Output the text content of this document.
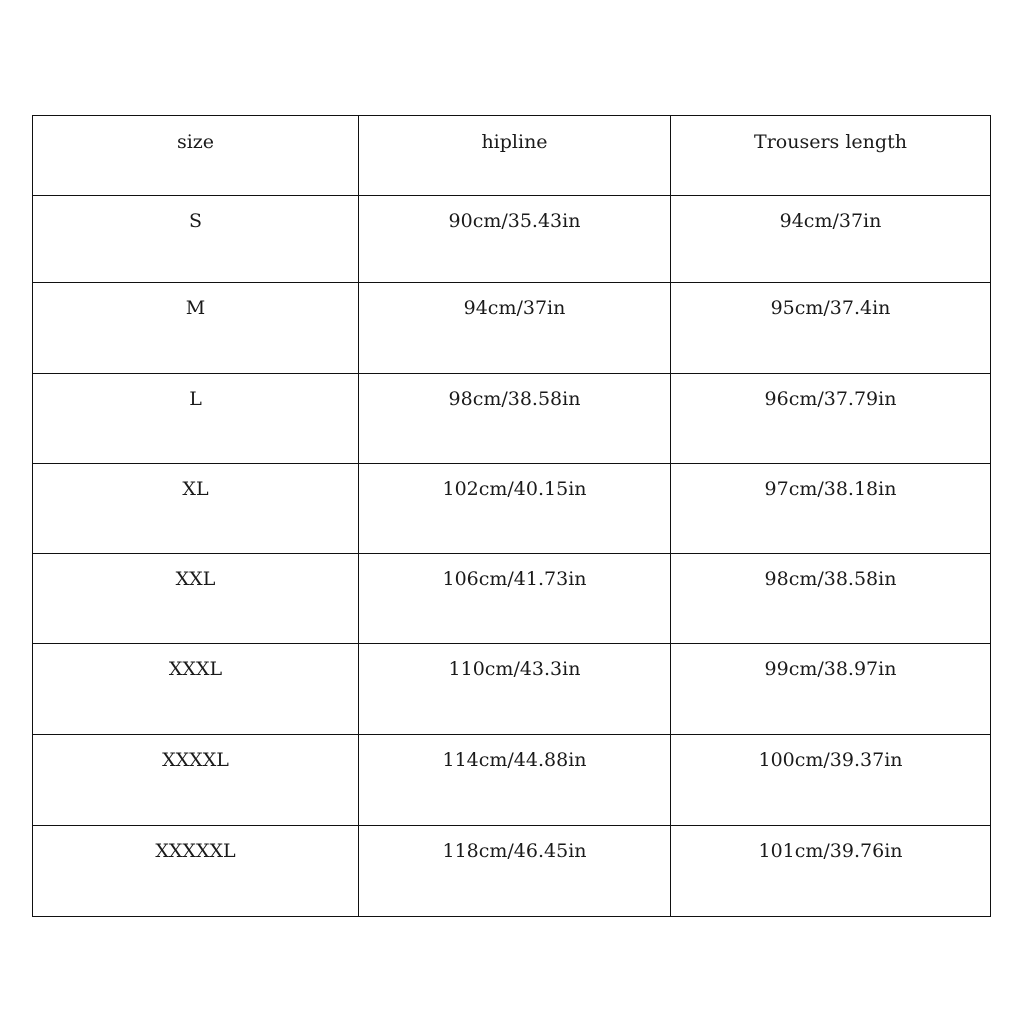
size	hipline	Trousers length
S	90cm/35.43in	94cm/37in
M	94cm/37in	95cm/37.4in
L	98cm/38.58in	96cm/37.79in
XL	102cm/40.15in	97cm/38.18in
XXL	106cm/41.73in	98cm/38.58in
XXXL	110cm/43.3in	99cm/38.97in
XXXXL	114cm/44.88in	100cm/39.37in
XXXXXL	118cm/46.45in	101cm/39.76in
